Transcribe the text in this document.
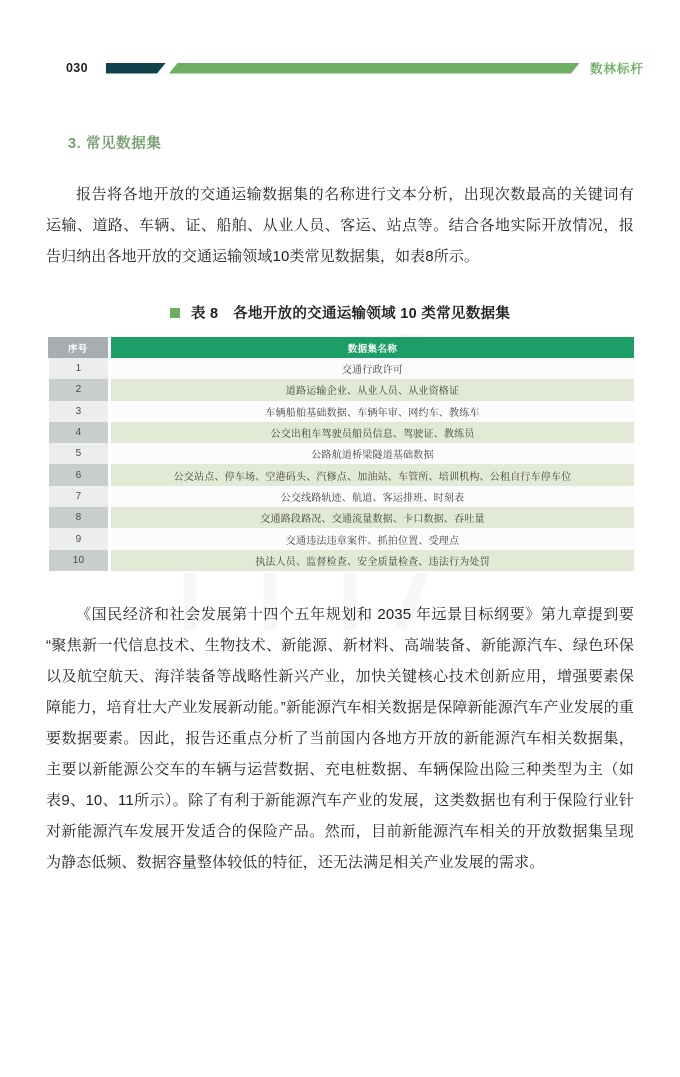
030	数林标杆
3. 常见数据集

报告将各地开放的交通运输数据集的名称进行文本分析，出现次数最高的关键词有运输、道路、车辆、证、船舶、从业人员、客运、站点等。结合各地实际开放情况，报告归纳出各地开放的交通运输领域10类常见数据集，如表8所示。

表 8　各地开放的交通运输领域 10 类常见数据集
序号	数据集名称
1	交通行政许可
2	道路运输企业、从业人员、从业资格证
3	车辆船舶基础数据、车辆年审、网约车、教练车
4	公交出租车驾驶员船员信息、驾驶证、教练员
5	公路航道桥梁隧道基础数据
6	公交站点、停车场、空港码头、汽修点、加油站、车管所、培训机构、公租自行车停车位
7	公交线路轨迹、航道、客运排班、时刻表
8	交通路段路况、交通流量数据、卡口数据、吞吐量
9	交通违法违章案件、抓拍位置、受理点
10	执法人员、监督检查、安全质量检查、违法行为处罚

《国民经济和社会发展第十四个五年规划和 2035 年远景目标纲要》第九章提到要“聚焦新一代信息技术、生物技术、新能源、新材料、高端装备、新能源汽车、绿色环保以及航空航天、海洋装备等战略性新兴产业，加快关键核心技术创新应用，增强要素保障能力，培育壮大产业发展新动能。”新能源汽车相关数据是保障新能源汽车产业发展的重要数据要素。因此，报告还重点分析了当前国内各地方开放的新能源汽车相关数据集，主要以新能源公交车的车辆与运营数据、充电桩数据、车辆保险出险三种类型为主（如表9、10、11所示）。除了有利于新能源汽车产业的发展，这类数据也有利于保险行业针对新能源汽车发展开发适合的保险产品。然而，目前新能源汽车相关的开放数据集呈现为静态低频、数据容量整体较低的特征，还无法满足相关产业发展的需求。
